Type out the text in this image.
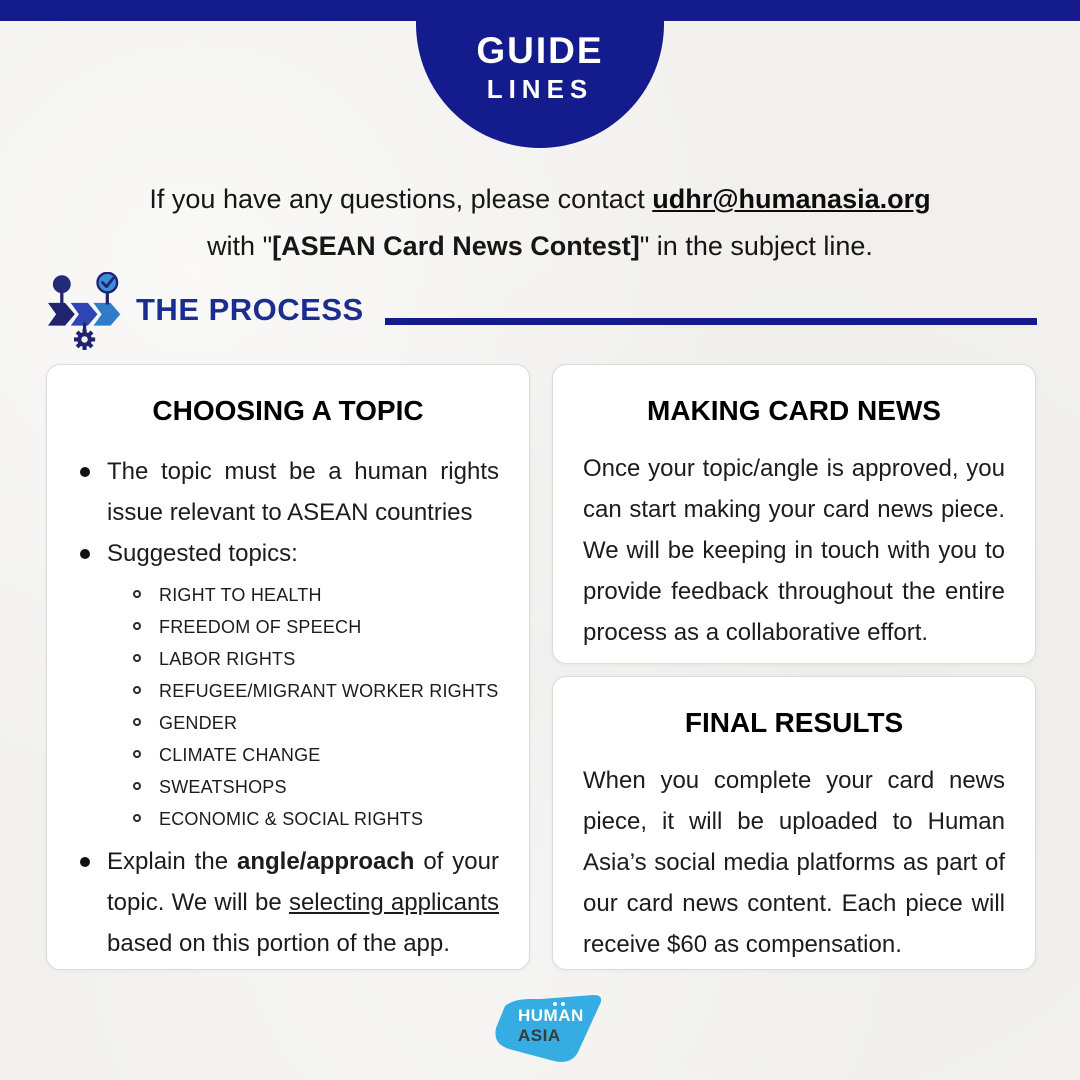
GUIDE
LINES
If you have any questions, please contact udhr@humanasia.org
with "[ASEAN Card News Contest]" in the subject line.
THE PROCESS
CHOOSING A TOPIC
The topic must be a human rights issue relevant to ASEAN countries
Suggested topics:
RIGHT TO HEALTH
FREEDOM OF SPEECH
LABOR RIGHTS
REFUGEE/MIGRANT WORKER RIGHTS
GENDER
CLIMATE CHANGE
SWEATSHOPS
ECONOMIC & SOCIAL RIGHTS
Explain the angle/approach of your topic. We will be selecting applicants based on this portion of the app.
MAKING CARD NEWS
Once your topic/angle is approved, you can start making your card news piece. We will be keeping in touch with you to provide feedback throughout the entire process as a collaborative effort.
FINAL RESULTS
When you complete your card news piece, it will be uploaded to Human Asia’s social media platforms as part of our card news content. Each piece will receive $60 as compensation.
HUMAN
ASIA
